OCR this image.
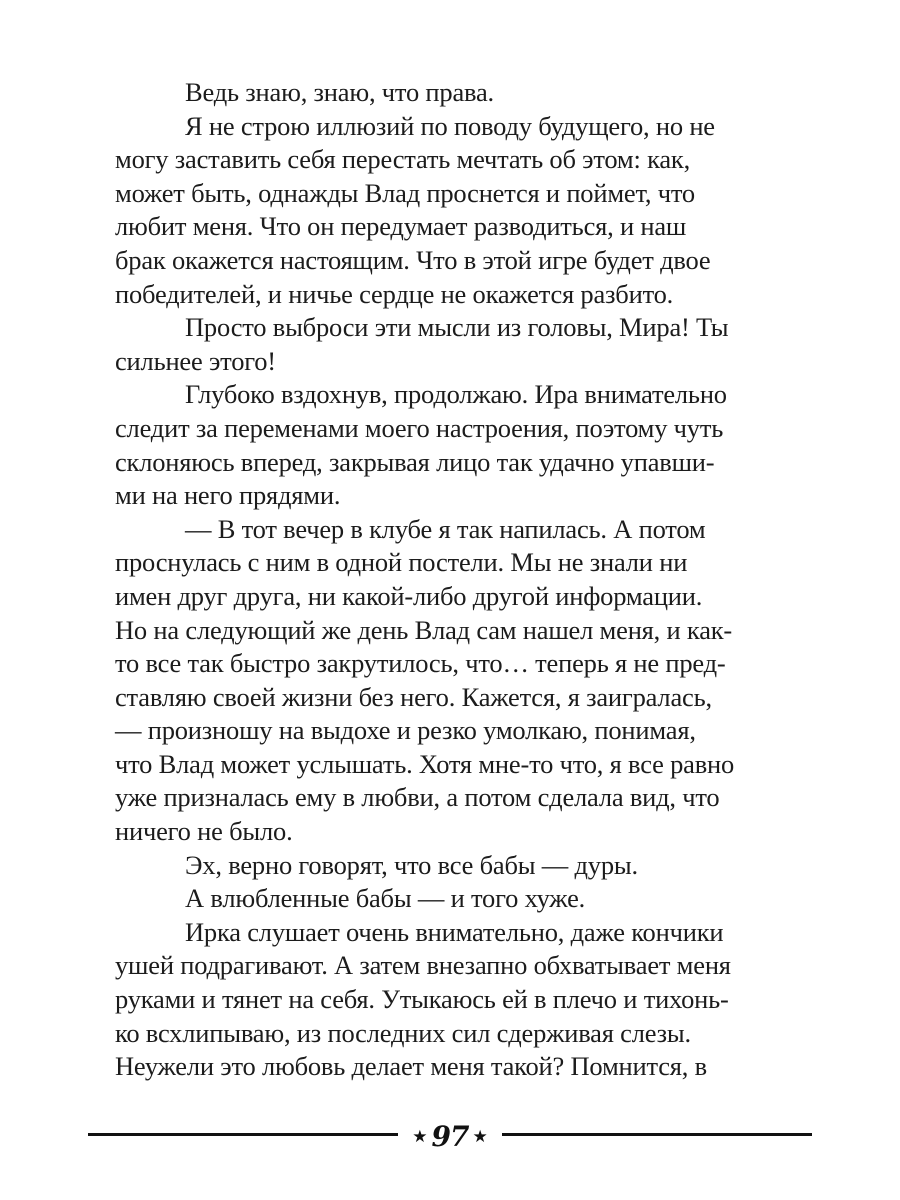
Ведь знаю, знаю, что права.
Я не строю иллюзий по поводу будущего, но не
могу заставить себя перестать мечтать об этом: как,
может быть, однажды Влад проснется и поймет, что
любит меня. Что он передумает разводиться, и наш
брак окажется настоящим. Что в этой игре будет двое
победителей, и ничье сердце не окажется разбито.
Просто выброси эти мысли из головы, Мира! Ты
сильнее этого!
Глубоко вздохнув, продолжаю. Ира внимательно
следит за переменами моего настроения, поэтому чуть
склоняюсь вперед, закрывая лицо так удачно упавши-
ми на него прядями.
— В тот вечер в клубе я так напилась. А потом
проснулась с ним в одной постели. Мы не знали ни
имен друг друга, ни какой-либо другой информации.
Но на следующий же день Влад сам нашел меня, и как-
то все так быстро закрутилось, что… теперь я не пред-
ставляю своей жизни без него. Кажется, я заигралась,
— произношу на выдохе и резко умолкаю, понимая,
что Влад может услышать. Хотя мне-то что, я все равно
уже призналась ему в любви, а потом сделала вид, что
ничего не было.
Эх, верно говорят, что все бабы — дуры.
А влюбленные бабы — и того хуже.
Ирка слушает очень внимательно, даже кончики
ушей подрагивают. А затем внезапно обхватывает меня
руками и тянет на себя. Утыкаюсь ей в плечо и тихонь-
ко всхлипываю, из последних сил сдерживая слезы.
Неужели это любовь делает меня такой? Помнится, в
★ 97 ★
